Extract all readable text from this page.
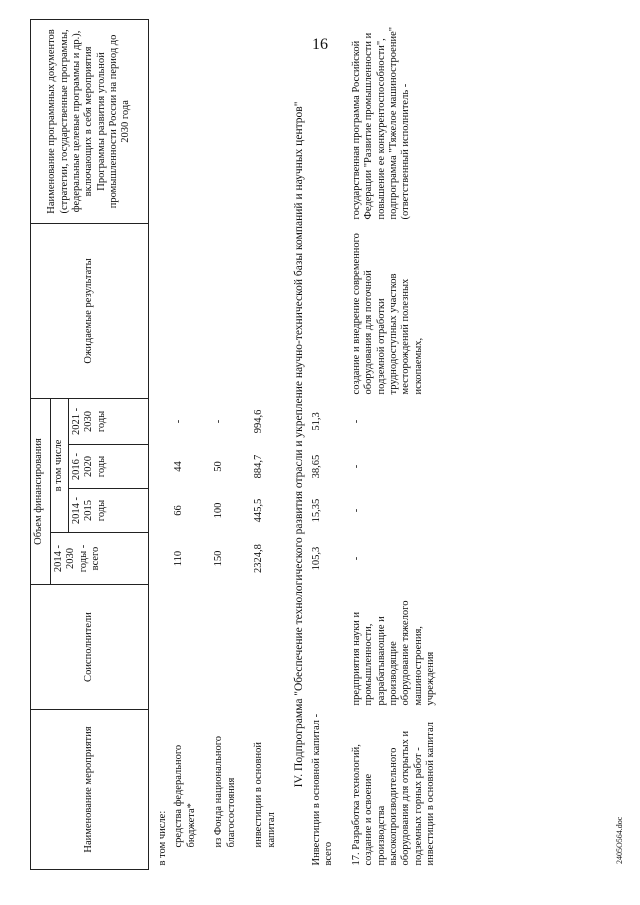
16
Наименование мероприятия	Соисполнители	Объем финансирования				Ожидаемые результаты	Наименование программных документов (стратегии, государственные программы, федеральные целевые программы и др.), включающих в себя мероприятия Программы развития угольной промышленности России на период до 2030 года
		2014 - 2030 годы - всего	в том числе				
			2014 - 2015 годы	2016 - 2020 годы	2021 - 2030 годы		

в том числе:							
средства федерального бюджета*		110	66	44	-		
из Фонда национального благосостояния		150	100	50	-		
инвестиции в основной капитал		2324,8	445,5	884,7	994,6		
IV. Подпрограмма "Обеспечение технологического развития отрасли и укрепление научно-технической базы компаний и научных центров"							
Инвестиции в основной капитал - всего		105,3	15,35	38,65	51,3		
17. Разработка технологий, создание и освоение производства высокопроизводительного оборудования для открытых и подземных горных работ - инвестиции в основной капитал	предприятия науки и промышленности, разрабатывающие и производящие оборудование тяжелого машиностроения, учреждения	-	-	-	-	создание и внедрение современного оборудования для поточной подземной отработки труднодоступных участков месторождений полезных ископаемых,	государственная программа Российской Федерации "Развитие промышленности и повышение ее конкурентоспособности", подпрограмма "Тяжелое машиностроение" (ответственный исполнитель -
2405О564.doc
